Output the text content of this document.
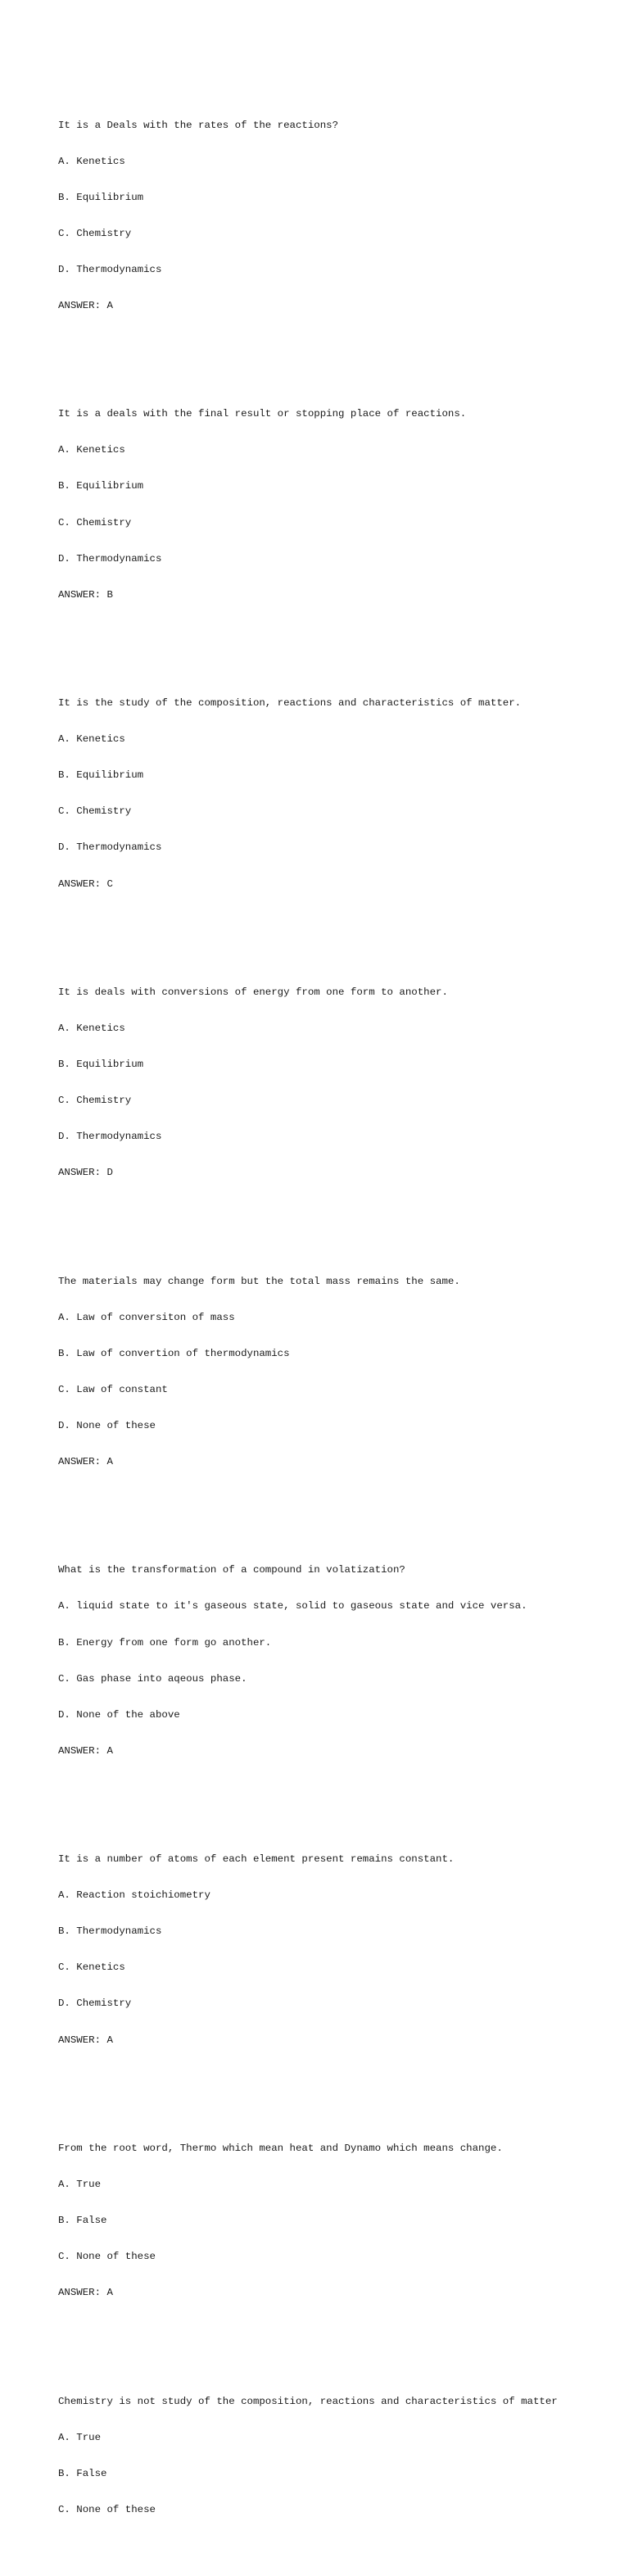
It is a Deals with the rates of the reactions?

A. Kenetics

B. Equilibrium

C. Chemistry

D. Thermodynamics

ANSWER: A

It is a deals with the final result or stopping place of reactions.

A. Kenetics

B. Equilibrium

C. Chemistry

D. Thermodynamics

ANSWER: B

It is the study of the composition, reactions and characteristics of matter.

A. Kenetics

B. Equilibrium

C. Chemistry

D. Thermodynamics

ANSWER: C

It is deals with conversions of energy from one form to another.

A. Kenetics

B. Equilibrium

C. Chemistry

D. Thermodynamics

ANSWER: D

The materials may change form but the total mass remains the same.

A. Law of conversiton of mass

B. Law of convertion of thermodynamics

C. Law of constant

D. None of these

ANSWER: A

What is the transformation of a compound in volatization?

A. liquid state to it's gaseous state, solid to gaseous state and vice versa.

B. Energy from one form go another.

C. Gas phase into aqeous phase.

D. None of the above

ANSWER: A

It is a number of atoms of each element present remains constant.

A. Reaction stoichiometry

B. Thermodynamics

C. Kenetics

D. Chemistry

ANSWER: A

From the root word, Thermo which mean heat and Dynamo which means change.

A. True

B. False

C. None of these

ANSWER: A

Chemistry is not study of the composition, reactions and characteristics of matter

A. True

B. False

C. None of these
